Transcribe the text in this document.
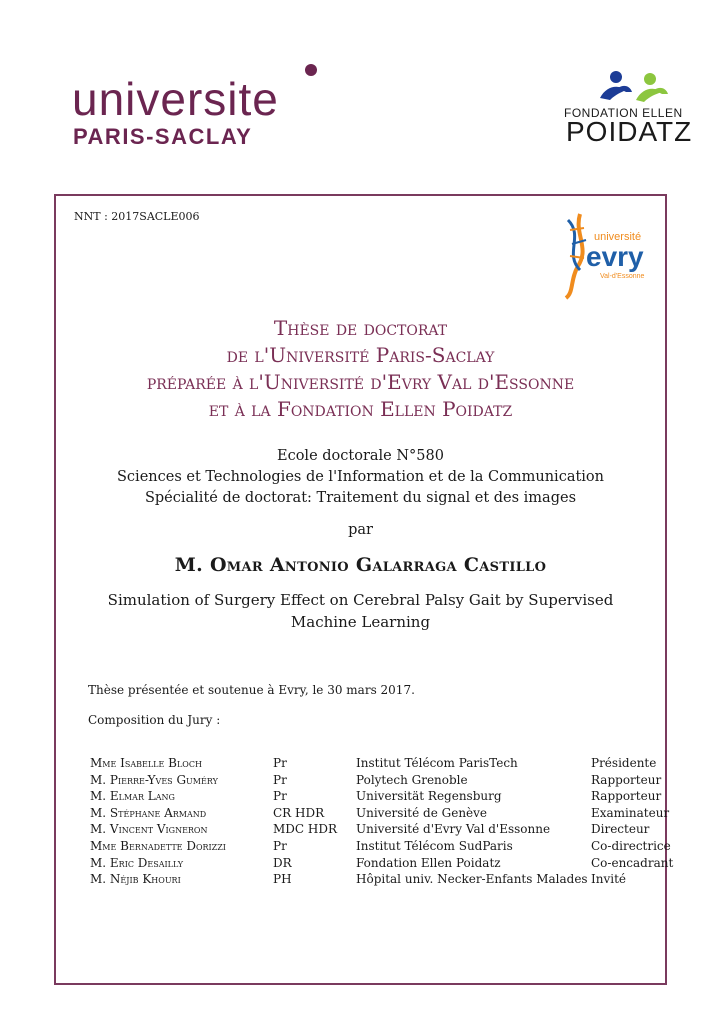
universite
PARIS-SACLAY
FONDATION ELLEN
POIDATZ
NNT : 2017SACLE006
université
evry
Val-d'Essonne
Thèse de doctorat
de l'Université Paris-Saclay
préparée à l'Université d'Evry Val d'Essonne
et à la Fondation Ellen Poidatz
Ecole doctorale N°580
Sciences et Technologies de l'Information et de la Communication
Spécialité de doctorat: Traitement du signal et des images
par
M. Omar Antonio Galarraga Castillo
Simulation of Surgery Effect on Cerebral Palsy Gait by Supervised
Machine Learning
Thèse présentée et soutenue à Evry, le 30 mars 2017.
Composition du Jury :
Mme Isabelle Bloch	Pr	Institut Télécom ParisTech	Présidente
M. Pierre-Yves Guméry	Pr	Polytech Grenoble	Rapporteur
M. Elmar Lang	Pr	Universität Regensburg	Rapporteur
M. Stéphane Armand	CR HDR	Université de Genève	Examinateur
M. Vincent Vigneron	MDC HDR	Université d'Evry Val d'Essonne	Directeur
Mme Bernadette Dorizzi	Pr	Institut Télécom SudParis	Co-directrice
M. Eric Desailly	DR	Fondation Ellen Poidatz	Co-encadrant
M. Néjib Khouri	PH	Hôpital univ. Necker-Enfants Malades	Invité
